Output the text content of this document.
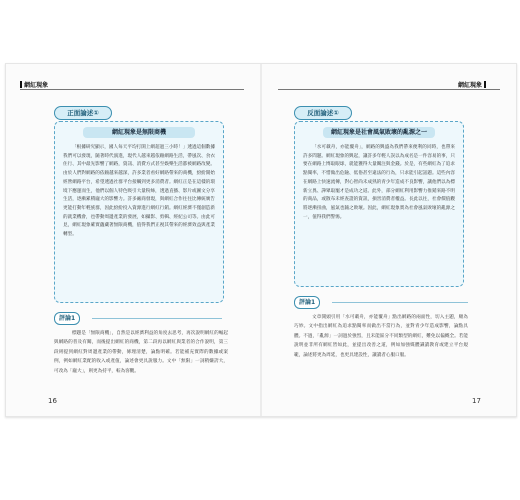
網紅現象
正面論述①
網紅現象是無限商機
「根據研究顯示，國人每天平均打開上網超過三小時！」透過這個數據我們可以發現，隨著時代演進，現代人越來越依賴網路生活，帶風次、食衣住行、其中最先影響了網路，資訊、消費方式甚至娛樂生活都被網路改變。由於人們對網路的依賴越來越深，許多業者看好網路帶來的商機，紛紛開始經營網路平台，希望透過社群平台接觸到更多消費者。網紅正是在這樣的環境下應運而生，他們以個人特色吸引大量粉絲，透過直播、影片或圖文分享生活，逐漸累積龐大的影響力。許多廠商發現，與網紅合作往往比傳統廣告更能打動年輕族群，因此紛紛投入資源進行網紅行銷。網紅經濟不僅創造新的就業機會，也帶動周邊產業的發展，如攝影、剪輯、經紀公司等。由此可見，網紅現象確實蘊藏著無限商機，值得我們正視其帶來的經濟效益與產業轉型。
評論1
標題是「無限商機」，自然是以經濟利益的角度去思考，再次說明網紅的崛起與網路的普及有關，而後提出網紅的商機，第二段再以網紅與業者的合作說明，第三段則提到網紅對周邊產業的帶動，條理清楚，論點明確。若能補充實際的數據或案例，例如網紅業配的收入或產值，論述會更具說服力。文中「無限」一詞稍嫌誇大，可改為「龐大」，則更為持平，較為客觀。
16
網紅現象
反面論述①
網紅現象是社會風氣敗壞的亂源之一
「水可載舟，亦能覆舟」，網路的興盛為我們帶來便利的同時，也帶來許多問題。網紅現象的興起，讓許多年輕人誤以為成名是一件容易的事，只要在網路上博取眼球，就能獲得大量關注與金錢。於是，有些網紅為了追求點閱率，不惜做出危險、低俗甚至違法的行為，只求能引起話題。這些內容在網路上快速流傳，對心智尚未成熟的青少年造成不良影響，讓他們以為標新立異、譁眾取寵才是成功之道。此外，部分網紅利用影響力推銷來路不明的商品，或散布未經查證的資訊，損害消費者權益。長此以往，社會價值觀將逐漸扭曲，風氣也隨之敗壞。因此，網紅現象實為社會風氣敗壞的亂源之一，值得我們警惕。
評論1
文章開頭引用「水可載舟，亦能覆舟」點出網路的兩面性，切入主題，頗為巧妙。文中指出網紅為追求點閱率而做出不當行為，並對青少年造成影響，論點具體。不過，「亂源」一詞過於強烈，且未能區分不同類型的網紅，難免以偏概全。若能說明並非所有網紅皆如此，並提出改善之道，例如加強媒體識讀教育或建立平台規範，論述將更為周延，也更具建設性，讓讀者心服口服。
17
